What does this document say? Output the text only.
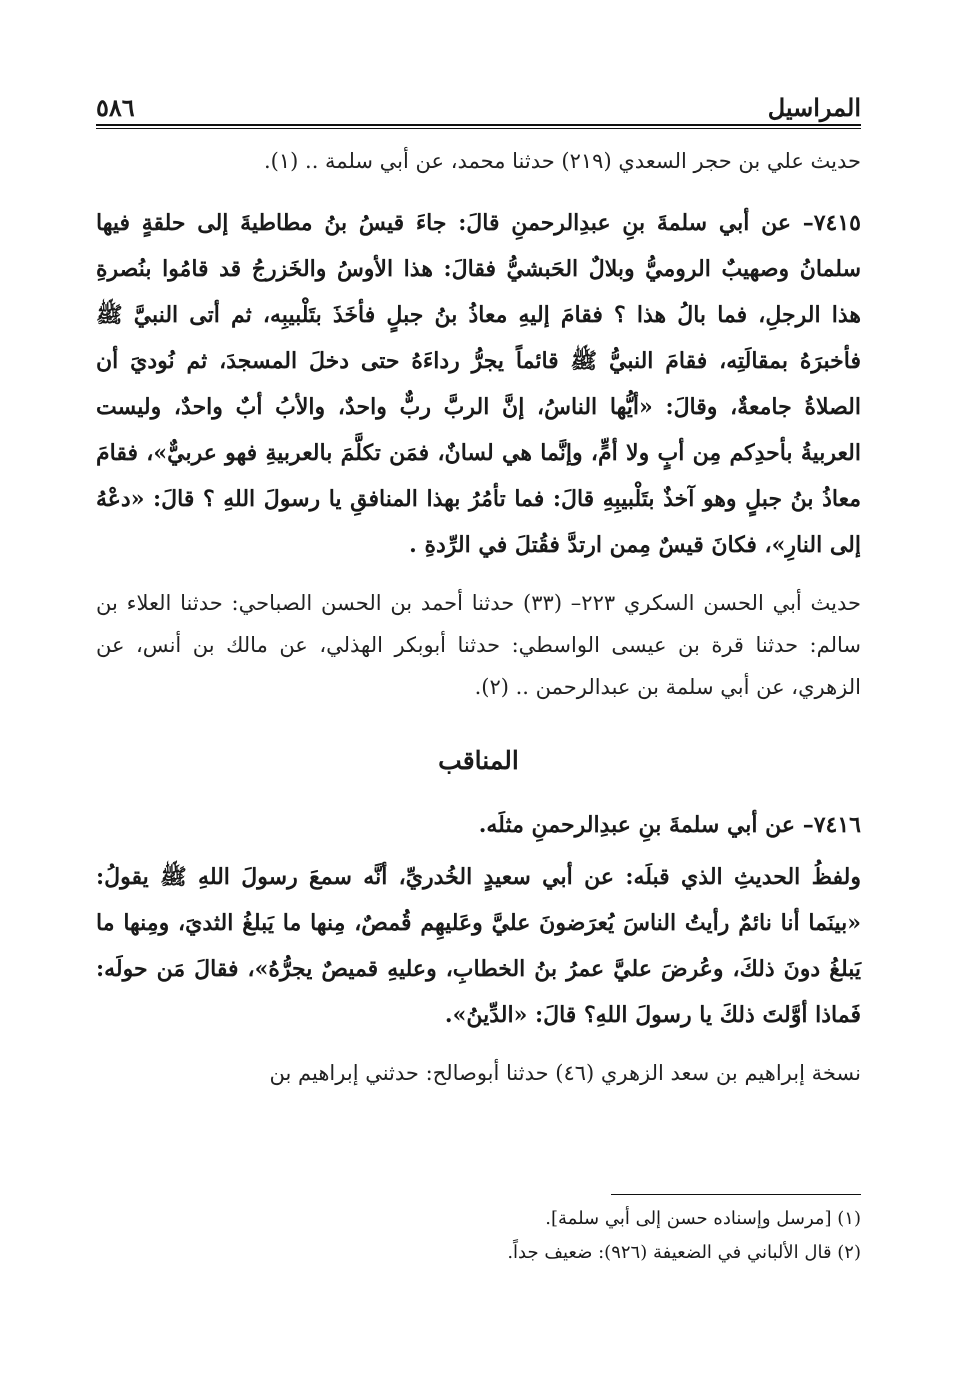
المراسيل
٥٨٦

حديث علي بن حجر السعدي (٢١٩) حدثنا محمد، عن أبي سلمة .. (١).

٧٤١٥– عن أبي سلمةَ بنِ عبدِالرحمنِ قالَ: جاءَ قيسُ بنُ مطاطيةَ إلى حلقةٍ فيها سلمانُ وصهيبٌ الروميُّ وبلالٌ الحَبشيُّ فقالَ: هذا الأوسُ والخَزرجُ قد قامُوا بنُصرةِ هذا الرجلِ، فما بالُ هذا ؟ فقامَ إليهِ معاذُ بنُ جبلٍ فأخَذَ بتَلْبيبِه، ثم أتى النبيَّ ﷺ فأخبرَهُ بمقالَتِه، فقامَ النبيُّ ﷺ قائماً يجرُّ رداءَهُ حتى دخلَ المسجدَ، ثم نُوديَ أن الصلاةُ جامعةٌ، وقالَ: «أيُّها الناسُ، إنَّ الربَّ ربٌّ واحدٌ، والأبُ أبٌ واحدٌ، وليست العربيةُ بأحدِكم مِن أبٍ ولا أمٍّ، وإنَّما هي لسانٌ، فمَن تكلَّمَ بالعربيةِ فهو عربيٌّ»، فقامَ معاذُ بنُ جبلٍ وهو آخذٌ بتَلْبيبِهِ قالَ: فما تأمُرُ بهذا المنافقِ يا رسولَ اللهِ ؟ قالَ: «دعْهُ إلى النارِ»، فكانَ قيسٌ مِمن ارتدَّ فقُتلَ في الرِّدةِ .

حديث أبي الحسن السكري ٢٢٣– (٣٣) حدثنا أحمد بن الحسن الصباحي: حدثنا العلاء بن سالم: حدثنا قرة بن عيسى الواسطي: حدثنا أبوبكر الهذلي، عن مالك بن أنس، عن الزهري، عن أبي سلمة بن عبدالرحمن .. (٢).

المناقب

٧٤١٦– عن أبي سلمةَ بنِ عبدِالرحمنِ مثلَه.

ولفظُ الحديثِ الذي قبلَه: عن أبي سعيدٍ الخُدريِّ، أنَّه سمعَ رسولَ اللهِ ﷺ يقولُ: «بينَما أنا نائمٌ رأيتُ الناسَ يُعرَضونَ عليَّ وعَليهِم قُمصٌ، مِنها ما يَبلغُ الثديَ، ومِنها ما يَبلغُ دونَ ذلكَ، وعُرضَ عليَّ عمرُ بنُ الخطابِ، وعليهِ قميصٌ يجرُّهُ»، فقالَ مَن حولَه: فَماذا أوَّلتَ ذلكَ يا رسولَ اللهِ؟ قالَ: «الدِّينُ».

نسخة إبراهيم بن سعد الزهري (٤٦) حدثنا أبوصالح: حدثني إبراهيم بن

(١) [مرسل وإسناده حسن إلى أبي سلمة].

(٢) قال الألباني في الضعيفة (٩٢٦): ضعيف جداً.
